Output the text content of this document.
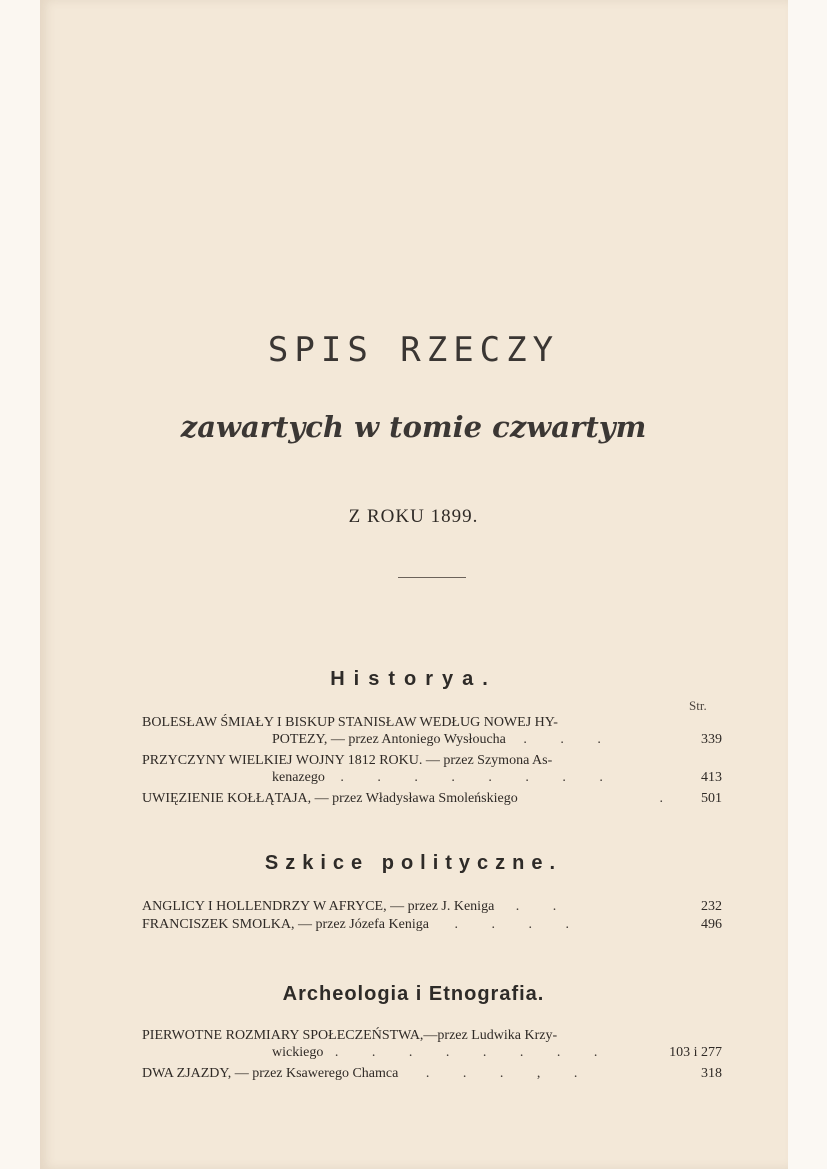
SPIS RZECZY
zawartych w tomie czwartym
Z ROKU 1899.
Historya.
Str.
BOLESŁAW ŚMIAŁY I BISKUP STANISŁAW WEDŁUG NOWEJ HY-
POTEZY, — przez Antoniego Wysłoucha . . .	339
PRZYCZYNY WIELKIEJ WOJNY 1812 ROKU. — przez Szymona As-
kenazego . . . . . . . .	413
UWIĘZIENIE KOŁŁĄTAJA, — przez Władysława Smoleńskiego	. 501
Szkice polityczne.
ANGLICY I HOLLENDRZY W AFRYCE, — przez J. Keniga . .	232
FRANCISZEK SMOLKA, — przez Józefa Keniga . . . .	496
Archeologia i Etnografia.
PIERWOTNE ROZMIARY SPOŁECZEŃSTWA,—przez Ludwika Krzy-
wickiego . . . . . . . .	103 i 277
DWA ZJAZDY, — przez Ksawerego Chamca . . . , .	318
